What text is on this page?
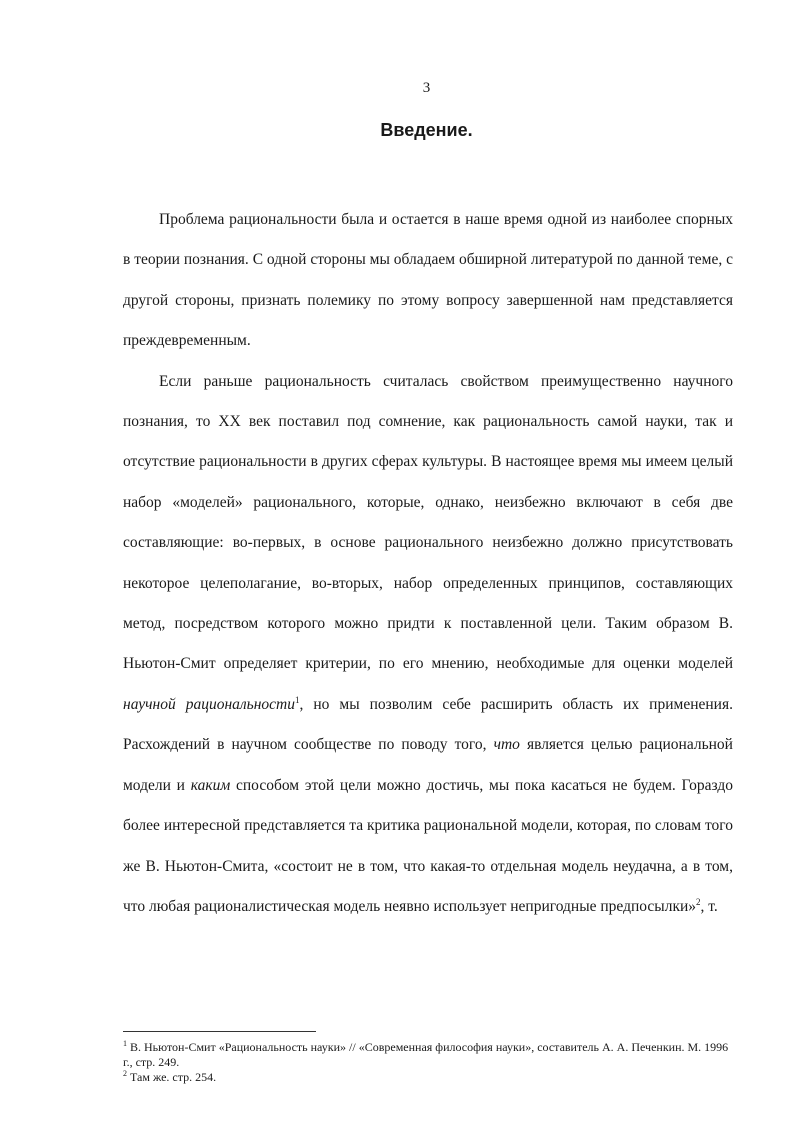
3
Введение.

Проблема рациональности была и остается в наше время одной из наиболее спорных в теории познания. С одной стороны мы обладаем обширной литературой по данной теме, с другой стороны, признать полемику по этому вопросу завершенной нам представляется преждевременным.

Если раньше рациональность считалась свойством преимущественно научного познания, то XX век поставил под сомнение, как рациональность самой науки, так и отсутствие рациональности в других сферах культуры. В настоящее время мы имеем целый набор «моделей» рационального, которые, однако, неизбежно включают в себя две составляющие: во-первых, в основе рационального неизбежно должно присутствовать некоторое целеполагание, во-вторых, набор определенных принципов, составляющих метод, посредством которого можно придти к поставленной цели. Таким образом В. Ньютон-Смит определяет критерии, по его мнению, необходимые для оценки моделей научной рациональности$^1$, но мы позволим себе расширить область их применения. Расхождений в научном сообществе по поводу того, что является целью рациональной модели и каким способом этой цели можно достичь, мы пока касаться не будем. Гораздо более интересной представляется та критика рациональной модели, которая, по словам того же В. Ньютон-Смита, «состоит не в том, что какая-то отдельная модель неудачна, а в том, что любая рационалистическая модель неявно использует непригодные предпосылки»$^2$, т.

$^1$ В. Ньютон-Смит «Рациональность науки» // «Современная философия науки», составитель А. А. Печенкин. М. 1996 г., стр. 249.
$^2$ Там же. стр. 254.
